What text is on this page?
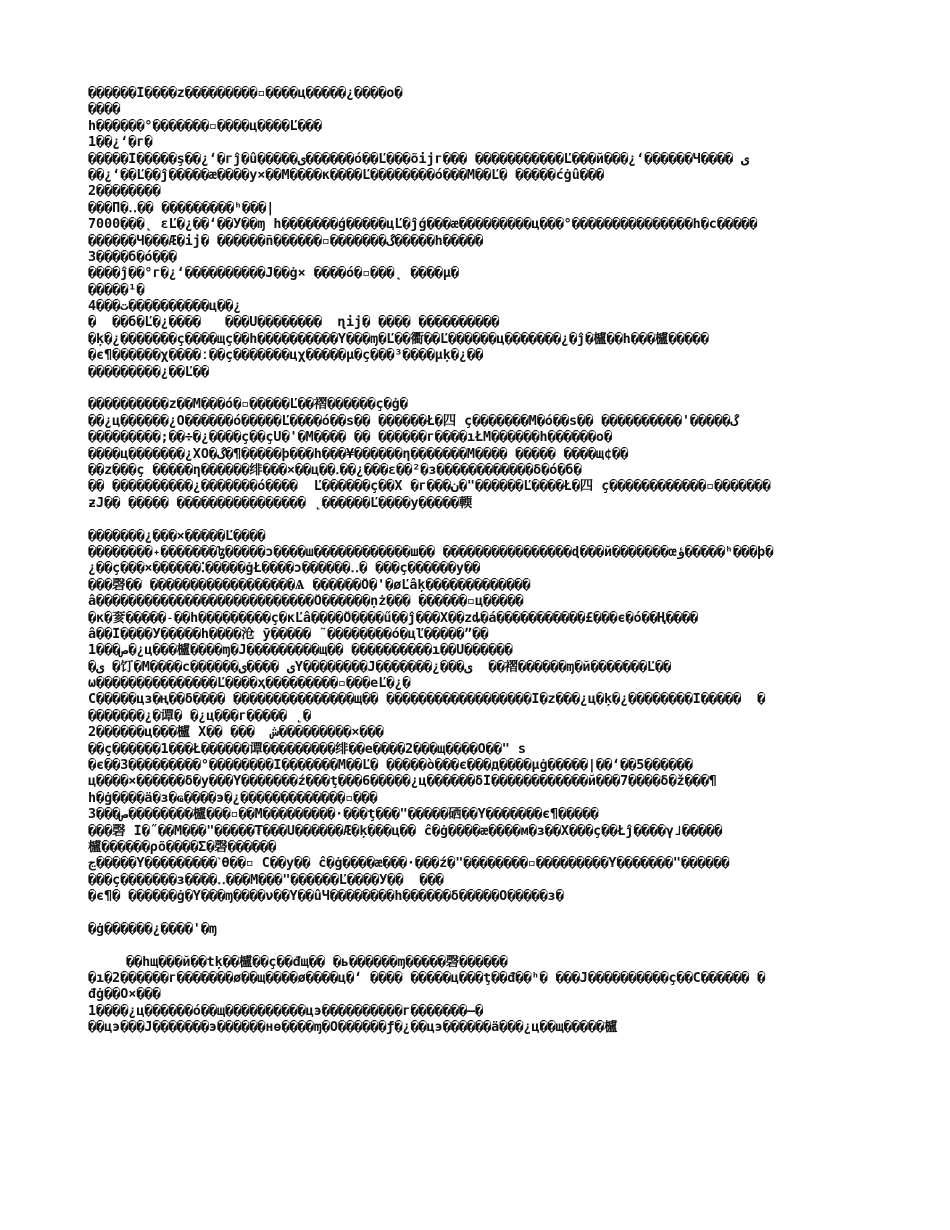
������Ï����z���������▫����ц�����¿����о�
����
h������°�������▫����ц����Ľ���
1��¿ʻ�г�
�����Ï�����ş��¿ʻ�гĵ�û�����ی������ó��Ľ���õijг��� �����������Ľ���й���¿ʻ������Ч���� ی
��¿ʻ��Ľ��ĵ�����æ����у×��М����к����Ľ��������ó���М��Ľ� �����ćġû���
2��������
���Π�‥�� ���������ʰ���|
7000���˛ εĽ�¿��ʻ��У��ɱ h�������ǵ�����цĽ�ĵǵ���æ���������ц���°���������������h�с�����
������Ч���Æ�ij� ������ñ������▫�������گ�����h�����
3����б�ó���
����ĵ��°г�¿ʻ����������J��ġ× ����ó�▫���˛ ����µ�
�����¹�
4���ت����������ц��¿
�  ��б�Ľ�¿����   ���U��������  ɳij� ���� ����������
�ķ�¿�������ç����щç��h����������Ý���ɱ�Ľ��衢��Ľ������ц�������¿�ĵ�櫨��h���櫨�����
�є¶������χ����ː��ç�������цχ�����µ�ç���³����µķ�¿��
���������¿��Ľ��
����������z��М���ó�▫�����Ľ��褶������ç�ġ�
��¿ц������¿Ö������ó�����Ľ����ó��ѕ�� ������Ł�四 ç�������М�ó��ѕ�� ����������'�����گ
���������;��÷�¿����ç��çÜ�'�М���� �� ������г����ıŁМ������һ������о�
����ц�������¿ΧÖ�گ�¶�����þ���h���¥������η�������М���� ����� ����щ¢��
��z���ç �����η������绯���×��ц��․��¿���ε��²�з������������δ�ó�б�
�� ����������¿�������ó����  Ľ������ç��Χ �г���ن�"������Ľ����Ł�四 ç������������▫�������
ƶĴ�� ����� ���������������� ˛������Ľ����у�����輭
�������¿���×�����Ľ����
��������˖�������ɮ�����ɔ����ш������������ш�� ����������������ɖ���й�������œؤ�����ʰ���þ�
¿��ç���×������⁚�����ġŁ����ɔ������‥� ���ç������у��
���磬�� ������������������Ѧ ������Ȫ�'�øĽâķ�������������
â���������������������������Ȫ������ņż��� ������▫ц�����
�к�奒�����˗��h���������ç�кĽâ����Ȫ����ű��ĵ���X��zȡ�á�����������£���ϵ�ó��Ң����
â��Î����У�����h����沧 ȳ����� ˜��������ó�цľ�����ˮ��
1���ص�¿ц���櫨����ɱ�Ĵ���������щ�� ����������ı��Ü������
�ی �饤�М����с������ی ����یÝ��������Ĵ�������¿���ی  ��褶������ɱ�й�������Ľ��
ω���������������Ľ����ҳ���������▫���еĽ�¿�
C�����цз�ң��δ���� ���������������щ�� ������������������Ï�z���¿ц�ķ�¿��������Ï�����  �
�������¿�谭� �¿ц���г����� ˛�
2������ц���櫨 Χ�� ���  ش���������×���
��ç������1���Ł������谭���������绯��е����2���щ����Ö��" ѕ
�є��3���������°��������Ï�������М��Ľ� �����ò���є���д����µġ�����|��ʻ��5������
ц����×������δ�у���Ý�������ź���ţ���6�����¿ц������δÏ������������й���7����δ�ž���¶
h�ġ����ä�з�ҩ����э�¿�������������▫���
3���ص��������櫨���▫��М���������·���ţ���"�����硒��Ý�������є¶�����
���磬 Ï�˝��М���"�����₮���U������Æ�ķ���ц�� ĉ�ġ����æ����м�з��Χ���ç��Łĵ����γ˩�����
櫨������ρõ����Σ�磬������
ڃ�����Ý���������ˋӪ��▫ С��у�� ĉ�ġ����æ���·���ź�"��������▫���������Ý�������"������
���ç�������з����‥���М���"������Ľ����У��  ���
�є¶� ������ġ�Ý���ɱ����ν��Ý��ûЧ��������h������δ�����Ö�����з�
�ġ������¿����'�ɱ
��hщ���й��tķ��櫨��ç��đщ�� �ь������ɱ�����磬������
�ı�2������г�������ø��щ����ø����ц�ʻ ���� �����ц���ţ��đ��ʰ� ���Ĵ����������ç��C������ �
đġ��Ö×���
1����¿ц������ó��щ����������цэ����������г�������—�
��цэ���Ĵ�������э������нө����ɱ�Ö������ƒ�¿��цэ������ä���¿ц��щ�����櫨
